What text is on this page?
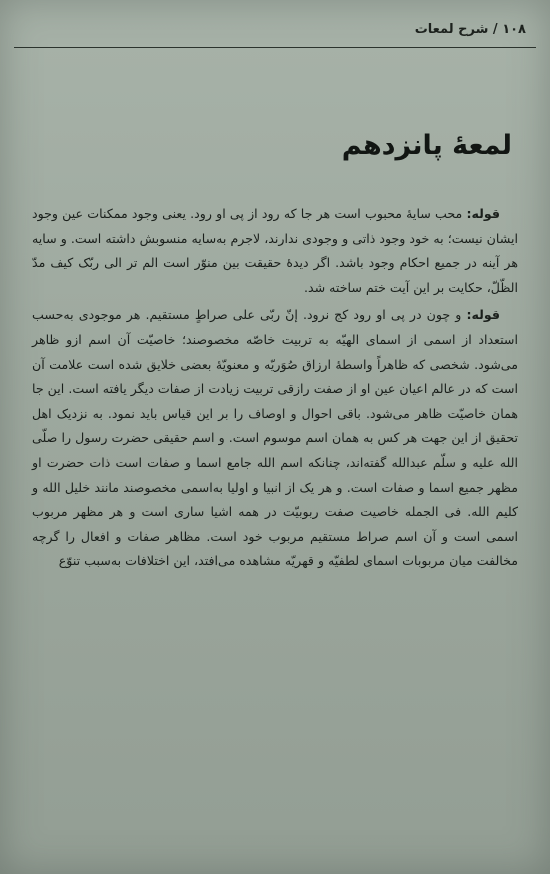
۱۰۸ / شرح لمعات
لمعهٔ پانزدهم

قوله: محب سایهٔ محبوب است هر جا که رود از پی او رود. یعنی وجود ممکنات عین وجود ایشان نیست؛ به خود وجود ذاتی و وجودی ندارند، لاجرم به‌سایه منسوبش داشته است. و سایه هر آینه در جمیع احکام وجود باشد. اگر دیدهٔ حقیقت بین منوّر است الم تر الی ربّک کیف مدّ الظّلّ، حکایت بر این آیت ختم ساخته شد.

قوله: و چون در پی او رود کج نرود. إنّ ربّی علی صراطٍ مستقیم. هر موجودی به‌حسب استعداد از اسمی از اسمای الهیّه به تربیت خاصّه مخصوصند؛ خاصیّت آن اسم ازو ظاهر می‌شود. شخصی که ظاهراً واسطهٔ ارزاق صُوَریّه و معنویّهٔ بعضی خلایق شده است علامت آن است که در عالم اعیان عین او از صفت رازقی تربیت زیادت از صفات دیگر یافته است. این جا همان خاصیّت ظاهر می‌شود. باقی احوال و اوصاف را بر این قیاس باید نمود. به نزدیک اهل تحقیق از این جهت هر کس به همان اسم موسوم است. و اسم حقیقی حضرت رسول را صلّی الله علیه و سلّم عبدالله گفته‌اند، چنانکه اسم الله جامع اسما و صفات است ذات حضرت او مظهر جمیع اسما و صفات است. و هر یک از انبیا و اولیا به‌اسمی مخصوصند مانند خلیل الله و کلیم الله. فی الجمله خاصیت صفت ربوبیّت در همه اشیا ساری است و هر مظهر مربوب اسمی است و آن اسم صراط مستقیم مربوب خود است. مظاهر صفات و افعال را گرچه مخالفت میان مربوبات اسمای لطفیّه و قهریّه مشاهده می‌افتد، این اختلافات به‌سبب تنوّع
